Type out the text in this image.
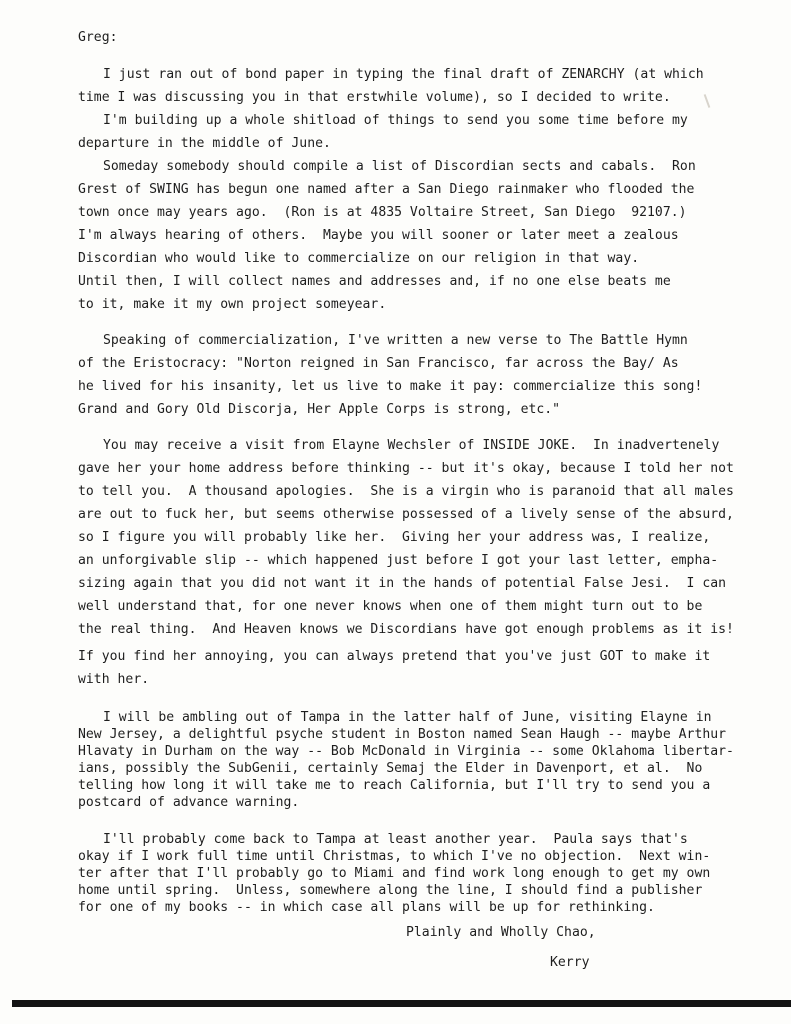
Greg:

I just ran out of bond paper in typing the final draft of ZENARCHY (at which

time I was discussing you in that erstwhile volume), so I decided to write.

I'm building up a whole shitload of things to send you some time before my

departure in the middle of June.

Someday somebody should compile a list of Discordian sects and cabals.  Ron

Grest of SWING has begun one named after a San Diego rainmaker who flooded the

town once may years ago.  (Ron is at 4835 Voltaire Street, San Diego  92107.)

I'm always hearing of others.  Maybe you will sooner or later meet a zealous

Discordian who would like to commercialize on our religion in that way.

Until then, I will collect names and addresses and, if no one else beats me

to it, make it my own project someyear.

Speaking of commercialization, I've written a new verse to The Battle Hymn

of the Eristocracy: "Norton reigned in San Francisco, far across the Bay/ As

he lived for his insanity, let us live to make it pay: commercialize this song!

Grand and Gory Old Discorja, Her Apple Corps is strong, etc."

You may receive a visit from Elayne Wechsler of INSIDE JOKE.  In inadvertenely

gave her your home address before thinking -- but it's okay, because I told her not

to tell you.  A thousand apologies.  She is a virgin who is paranoid that all males

are out to fuck her, but seems otherwise possessed of a lively sense of the absurd,

so I figure you will probably like her.  Giving her your address was, I realize,

an unforgivable slip -- which happened just before I got your last letter, empha-

sizing again that you did not want it in the hands of potential False Jesi.  I can

well understand that, for one never knows when one of them might turn out to be

the real thing.  And Heaven knows we Discordians have got enough problems as it is!

If you find her annoying, you can always pretend that you've just GOT to make it

with her.

I will be ambling out of Tampa in the latter half of June, visiting Elayne in

New Jersey, a delightful psyche student in Boston named Sean Haugh -- maybe Arthur

Hlavaty in Durham on the way -- Bob McDonald in Virginia -- some Oklahoma libertar-

ians, possibly the SubGenii, certainly Semaj the Elder in Davenport, et al.  No

telling how long it will take me to reach California, but I'll try to send you a

postcard of advance warning.

I'll probably come back to Tampa at least another year.  Paula says that's

okay if I work full time until Christmas, to which I've no objection.  Next win-

ter after that I'll probably go to Miami and find work long enough to get my own

home until spring.  Unless, somewhere along the line, I should find a publisher

for one of my books -- in which case all plans will be up for rethinking.

Plainly and Wholly Chao,

Kerry
